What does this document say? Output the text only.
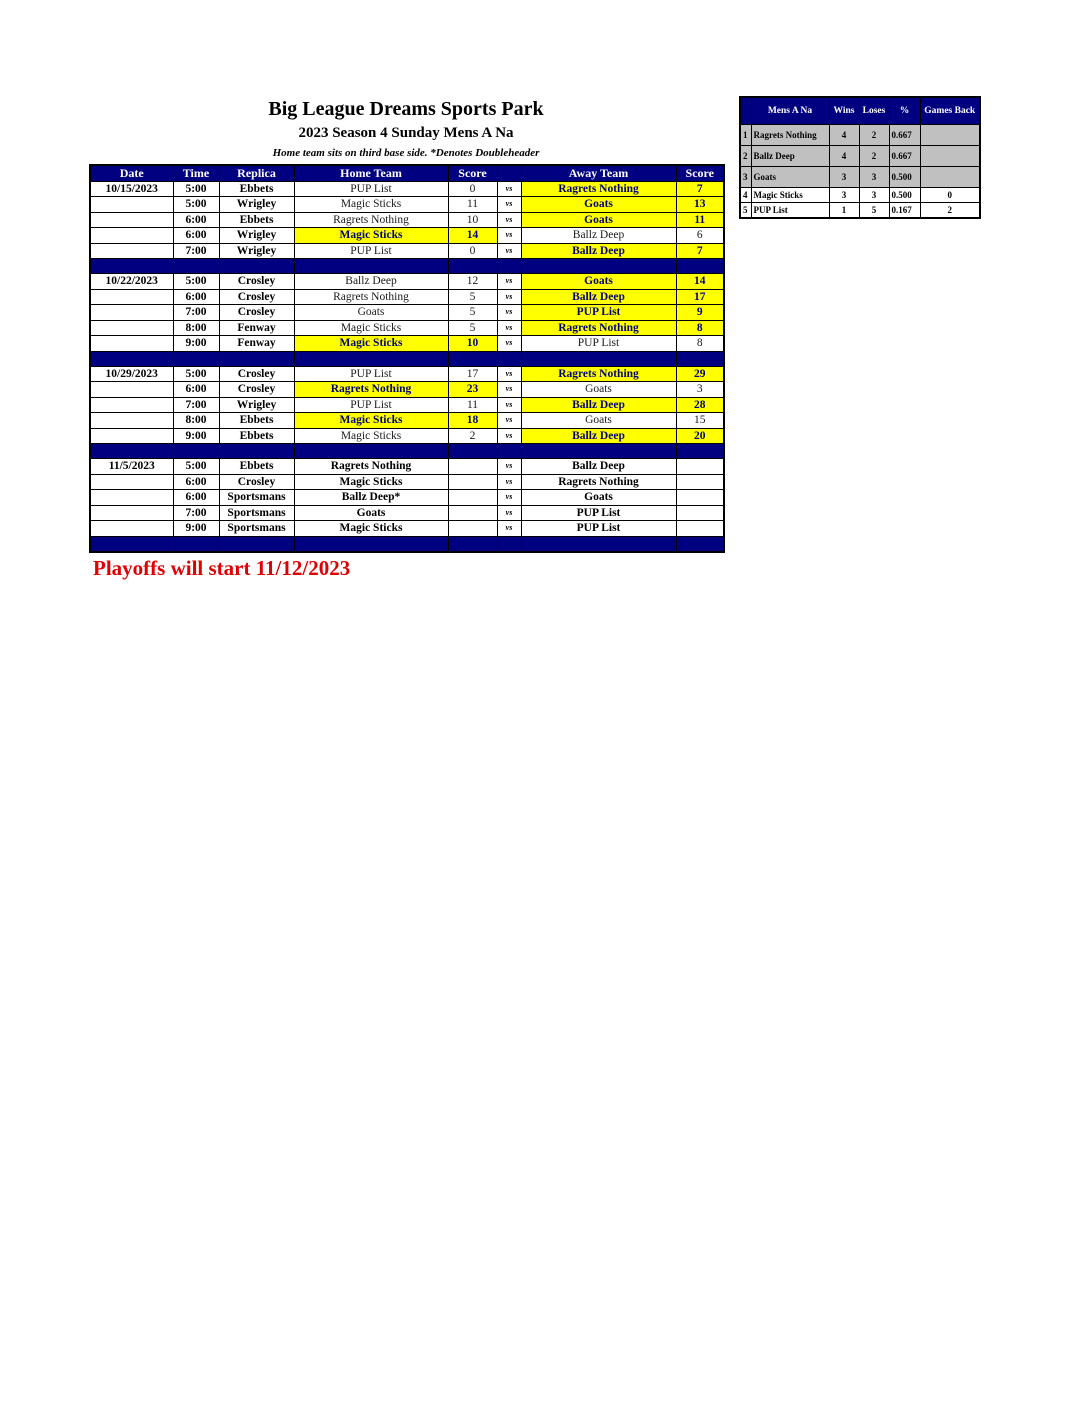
Big League Dreams Sports Park
2023 Season 4 Sunday Mens A Na
Home team sits on third base side. *Denotes Doubleheader
Date	Time	Replica	Home Team	Score		Away Team	Score
10/15/2023	5:00	Ebbets	PUP List	0	vs	Ragrets Nothing	7
	5:00	Wrigley	Magic Sticks	11	vs	Goats	13
	6:00	Ebbets	Ragrets Nothing	10	vs	Goats	11
	6:00	Wrigley	Magic Sticks	14	vs	Ballz Deep	6
	7:00	Wrigley	PUP List	0	vs	Ballz Deep	7

10/22/2023	5:00	Crosley	Ballz Deep	12	vs	Goats	14
	6:00	Crosley	Ragrets Nothing	5	vs	Ballz Deep	17
	7:00	Crosley	Goats	5	vs	PUP List	9
	8:00	Fenway	Magic Sticks	5	vs	Ragrets Nothing	8
	9:00	Fenway	Magic Sticks	10	vs	PUP List	8

10/29/2023	5:00	Crosley	PUP List	17	vs	Ragrets Nothing	29
	6:00	Crosley	Ragrets Nothing	23	vs	Goats	3
	7:00	Wrigley	PUP List	11	vs	Ballz Deep	28
	8:00	Ebbets	Magic Sticks	18	vs	Goats	15
	9:00	Ebbets	Magic Sticks	2	vs	Ballz Deep	20

11/5/2023	5:00	Ebbets	Ragrets Nothing		vs	Ballz Deep	
	6:00	Crosley	Magic Sticks		vs	Ragrets Nothing	
	6:00	Sportsmans	Ballz Deep*		vs	Goats	
	7:00	Sportsmans	Goats		vs	PUP List	
	9:00	Sportsmans	Magic Sticks		vs	PUP List	

	Mens A Na	Wins	Loses	%	Games Back
1	Ragrets Nothing	4	2	0.667	
2	Ballz Deep	4	2	0.667	
3	Goats	3	3	0.500	
4	Magic Sticks	3	3	0.500	0
5	PUP List	1	5	0.167	2
Playoffs will start 11/12/2023
